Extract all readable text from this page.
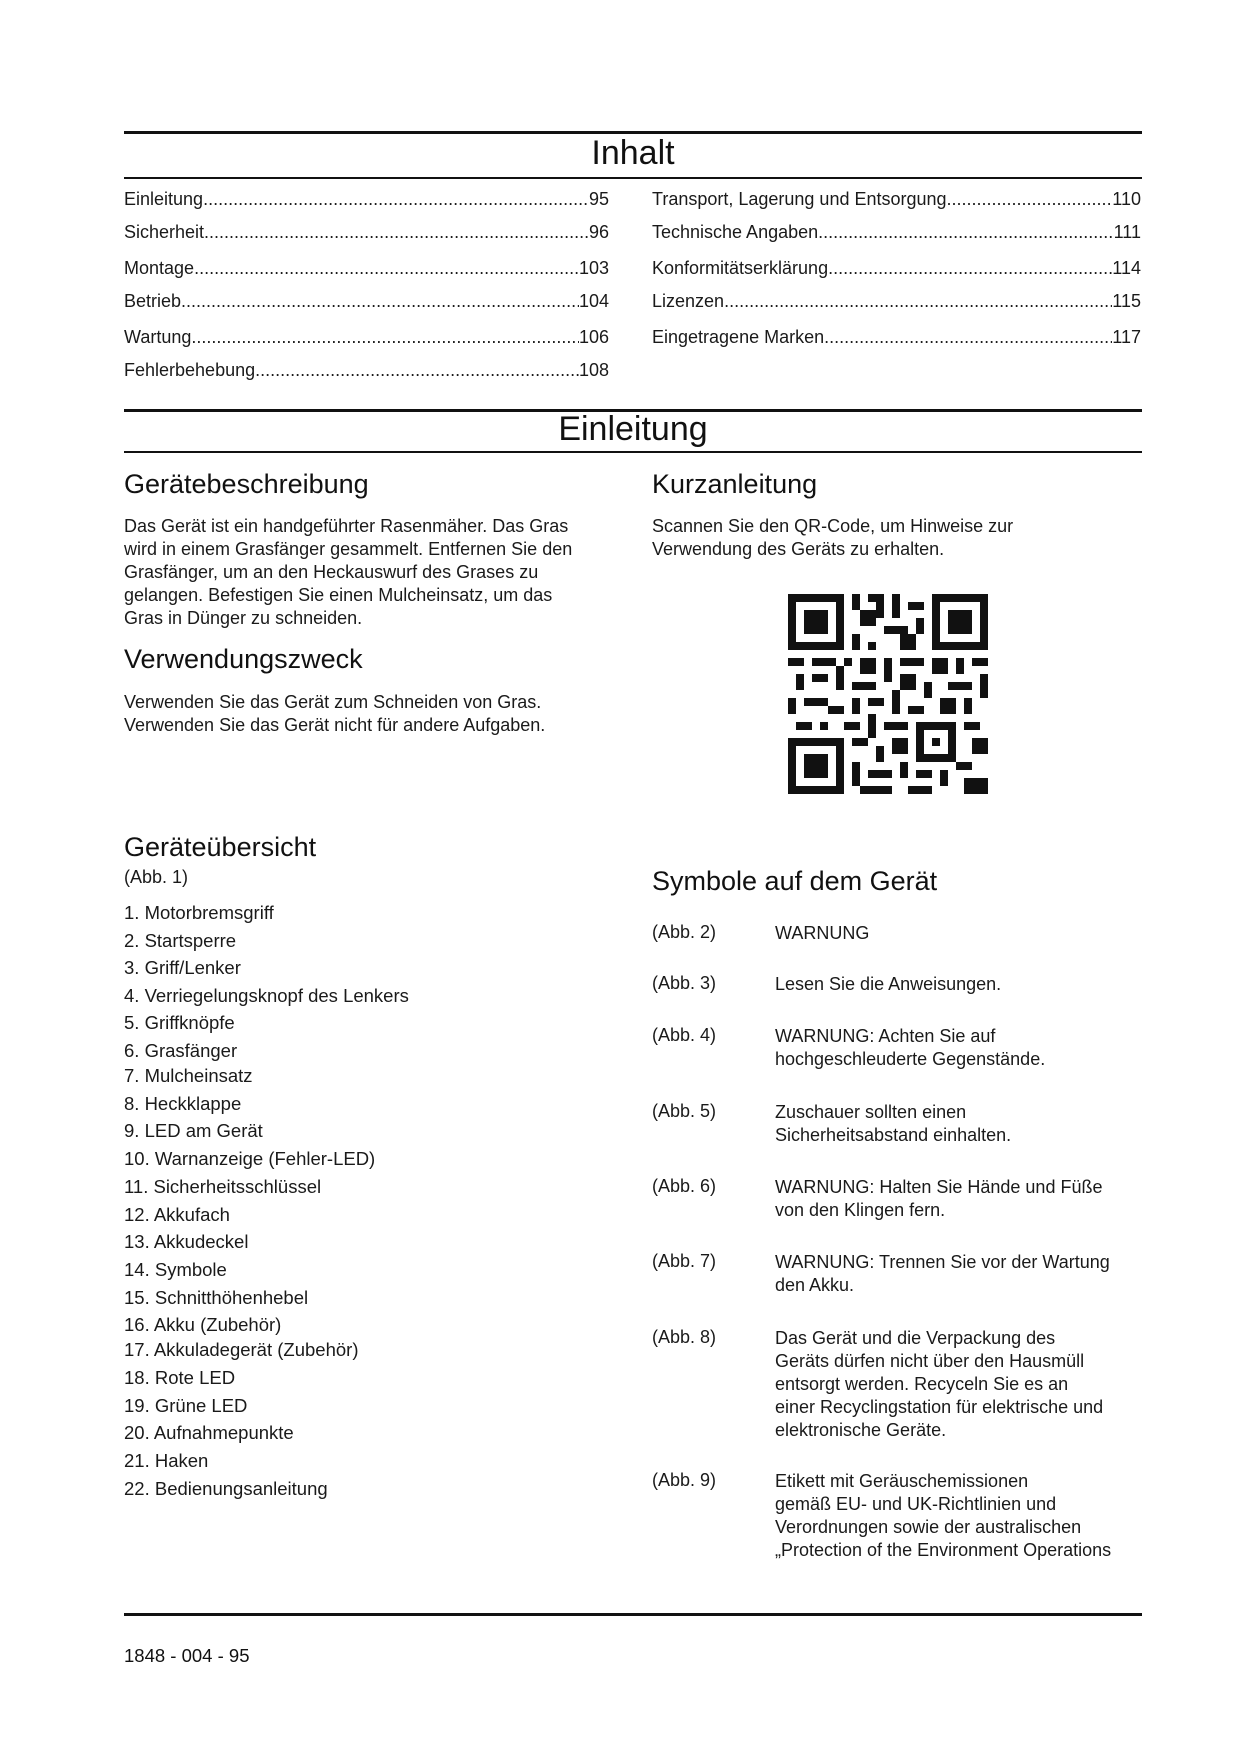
Inhalt
Einleitung .....	95
Sicherheit .....	96
Montage .....	103
Betrieb .....	104
Wartung .....	106
Fehlerbehebung .....	108
Transport, Lagerung und Entsorgung .....	110
Technische Angaben .....	111
Konformitätserklärung .....	114
Lizenzen .....	115
Eingetragene Marken .....	117
Einleitung
Gerätebeschreibung
Das Gerät ist ein handgeführter Rasenmäher. Das Gras
wird in einem Grasfänger gesammelt. Entfernen Sie den
Grasfänger, um an den Heckauswurf des Grases zu
gelangen. Befestigen Sie einen Mulcheinsatz, um das
Gras in Dünger zu schneiden.
Verwendungszweck
Verwenden Sie das Gerät zum Schneiden von Gras.
Verwenden Sie das Gerät nicht für andere Aufgaben.
Kurzanleitung
Scannen Sie den QR-Code, um Hinweise zur
Verwendung des Geräts zu erhalten.
Geräteübersicht
(Abb. 1)
1. Motorbremsgriff
2. Startsperre
3. Griff/Lenker
4. Verriegelungsknopf des Lenkers
5. Griffknöpfe
6. Grasfänger
7. Mulcheinsatz
8. Heckklappe
9. LED am Gerät
10. Warnanzeige (Fehler-LED)
11. Sicherheitsschlüssel
12. Akkufach
13. Akkudeckel
14. Symbole
15. Schnitthöhenhebel
16. Akku (Zubehör)
17. Akkuladegerät (Zubehör)
18. Rote LED
19. Grüne LED
20. Aufnahmepunkte
21. Haken
22. Bedienungsanleitung
Symbole auf dem Gerät
(Abb. 2)	WARNUNG
(Abb. 3)	Lesen Sie die Anweisungen.
(Abb. 4)	WARNUNG: Achten Sie auf
hochgeschleuderte Gegenstände.
(Abb. 5)	Zuschauer sollten einen
Sicherheitsabstand einhalten.
(Abb. 6)	WARNUNG: Halten Sie Hände und Füße
von den Klingen fern.
(Abb. 7)	WARNUNG: Trennen Sie vor der Wartung
den Akku.
(Abb. 8)	Das Gerät und die Verpackung des
Geräts dürfen nicht über den Hausmüll
entsorgt werden. Recyceln Sie es an
einer Recyclingstation für elektrische und
elektronische Geräte.
(Abb. 9)	Etikett mit Geräuschemissionen
gemäß EU- und UK-Richtlinien und
Verordnungen sowie der australischen
„Protection of the Environment Operations
1848 - 004 - 95
